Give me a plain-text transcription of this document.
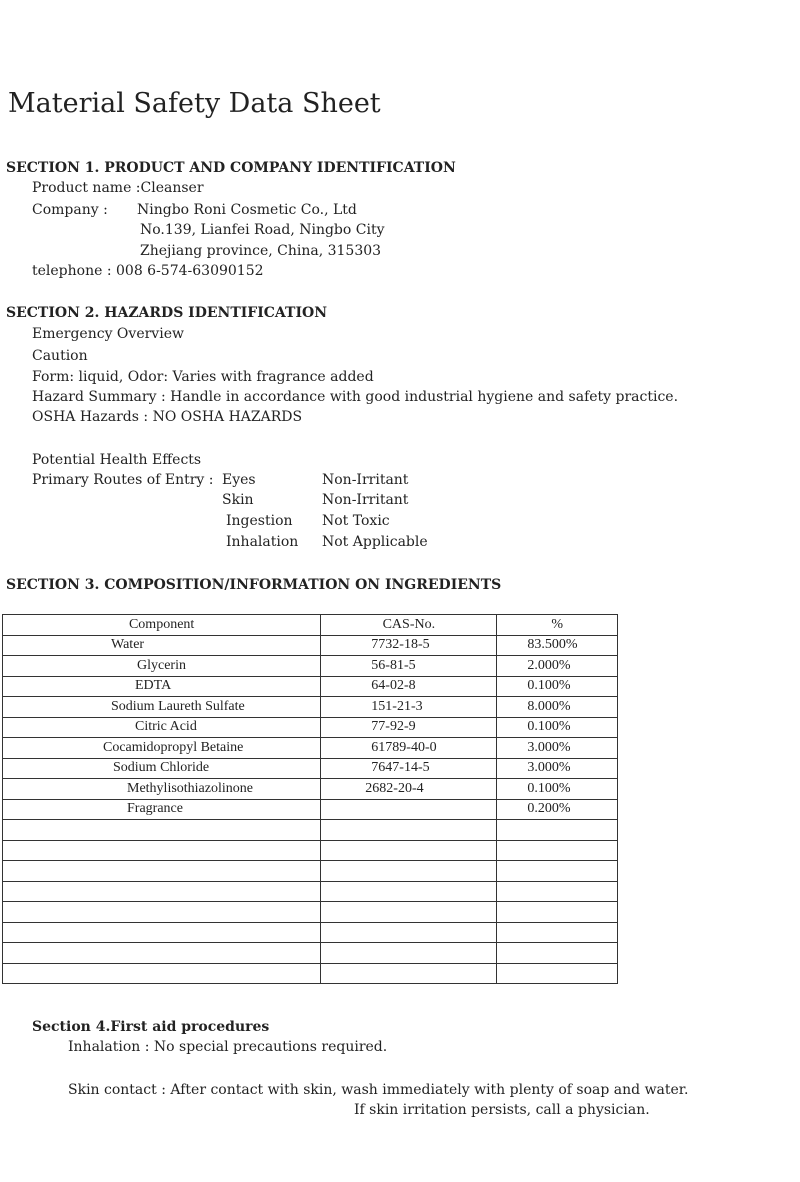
Material Safety Data Sheet
SECTION 1. PRODUCT AND COMPANY IDENTIFICATION
Product name :Cleanser
Company : Ningbo Roni Cosmetic Co., Ltd
No.139, Lianfei Road, Ningbo City
Zhejiang province, China, 315303
telephone : 008 6-574-63090152
SECTION 2. HAZARDS IDENTIFICATION
Emergency Overview
Caution
Form: liquid, Odor: Varies with fragrance added
Hazard Summary : Handle in accordance with good industrial hygiene and safety practice.
OSHA Hazards : NO OSHA HAZARDS
Potential Health Effects
Primary Routes of Entry : Eyes	Non-Irritant
Skin	Non-Irritant
Ingestion Not Toxic
Inhalation Not Applicable
SECTION 3. COMPOSITION/INFORMATION ON INGREDIENTS
Component	CAS-No.	%
Water	7732-18-5	83.500%
Glycerin	56-81-5	2.000%
EDTA	64-02-8	0.100%
Sodium Laureth Sulfate	151-21-3	8.000%
Citric Acid	77-92-9	0.100%
Cocamidopropyl Betaine	61789-40-0	3.000%
Sodium Chloride	7647-14-5	3.000%
Methylisothiazolinone	2682-20-4	0.100%
Fragrance		0.200%

Section 4.First aid procedures
Inhalation : No special precautions required.
Skin contact : After contact with skin, wash immediately with plenty of soap and water.
If skin irritation persists, call a physician.
